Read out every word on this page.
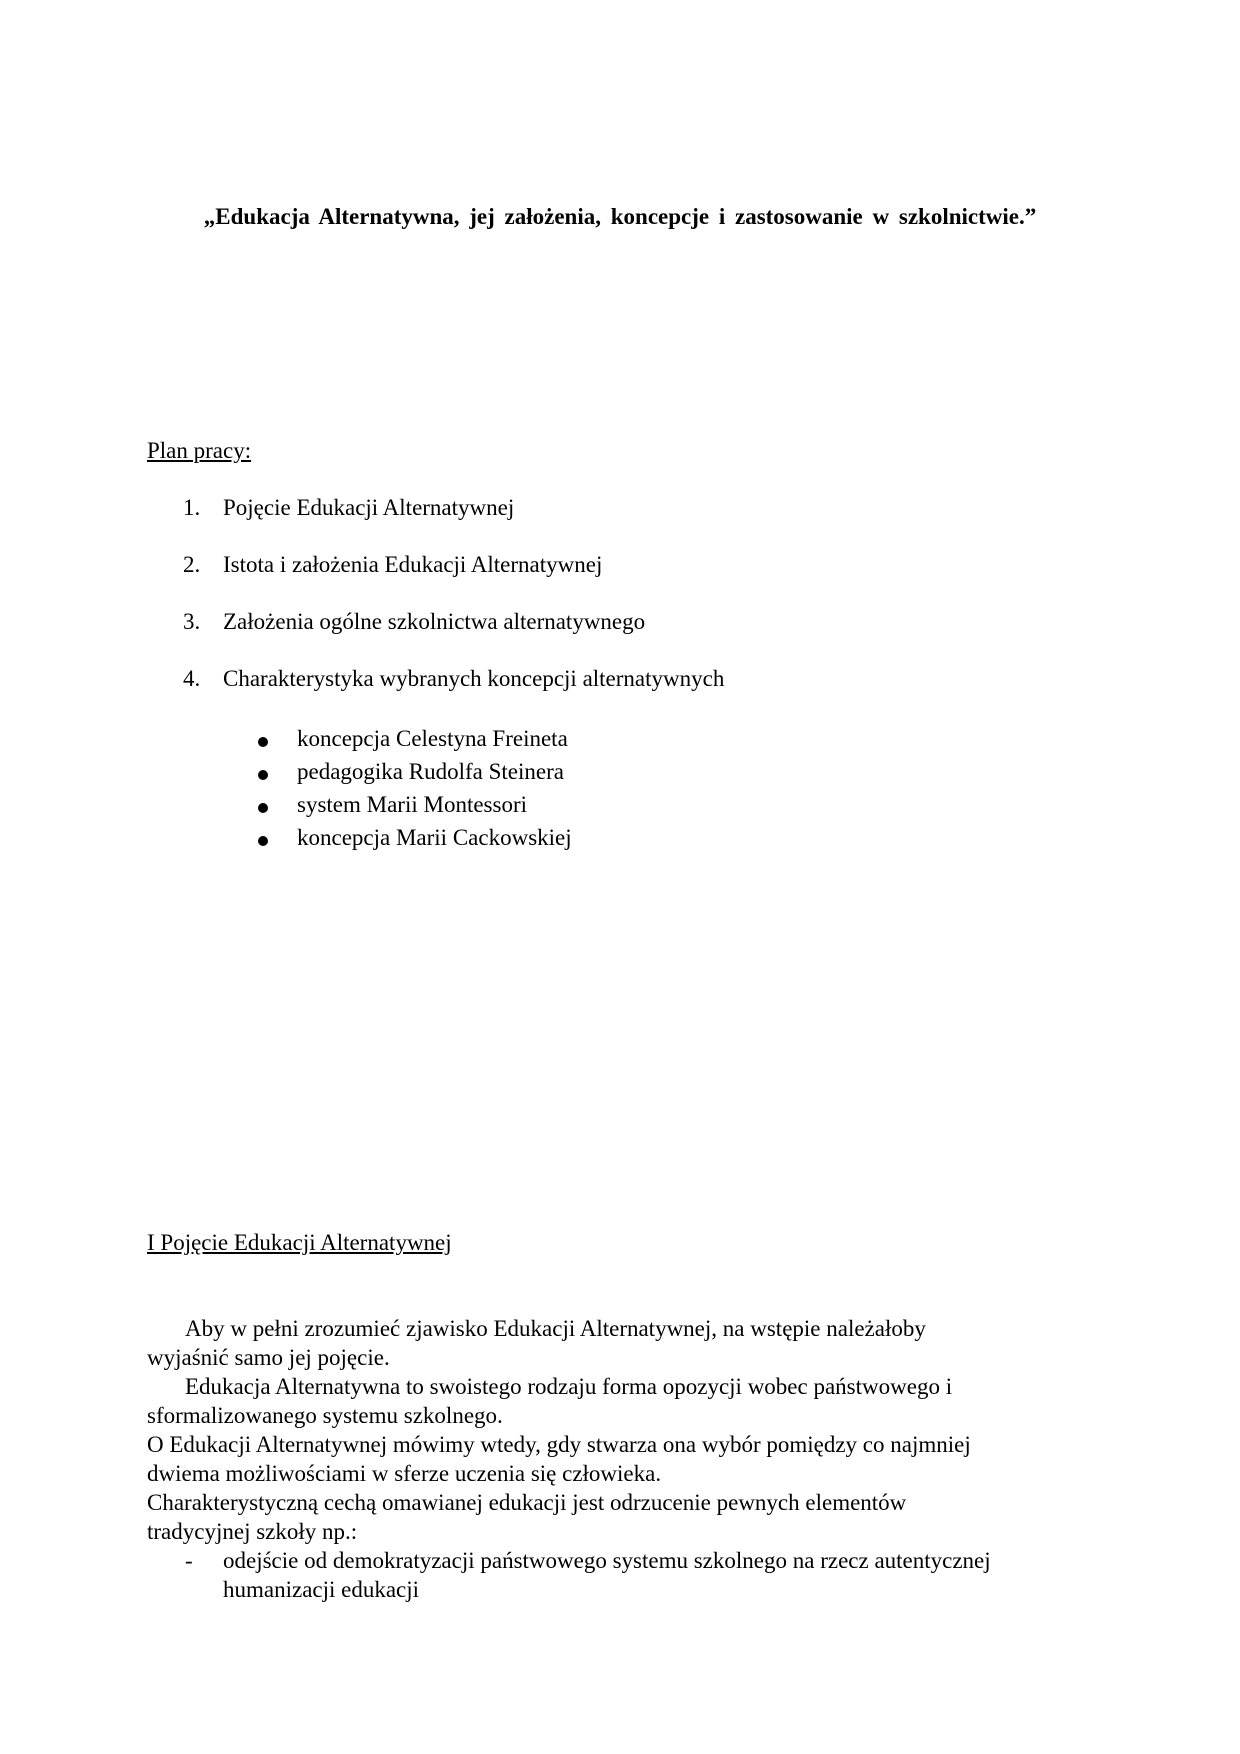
„Edukacja Alternatywna, jej założenia, koncepcje i zastosowanie w szkolnictwie.”
Plan pracy:
1. Pojęcie Edukacji Alternatywnej
2. Istota i założenia Edukacji Alternatywnej
3. Założenia ogólne szkolnictwa alternatywnego
4. Charakterystyka wybranych koncepcji alternatywnych
koncepcja Celestyna Freineta
pedagogika Rudolfa Steinera
system Marii Montessori
koncepcja Marii Cackowskiej
I Pojęcie Edukacji Alternatywnej
Aby w pełni zrozumieć zjawisko Edukacji Alternatywnej, na wstępie należałoby
wyjaśnić samo jej pojęcie.
Edukacja Alternatywna to swoistego rodzaju forma opozycji wobec państwowego i
sformalizowanego systemu szkolnego.
O Edukacji Alternatywnej mówimy wtedy, gdy stwarza ona wybór pomiędzy co najmniej
dwiema możliwościami w sferze uczenia się człowieka.
Charakterystyczną cechą omawianej edukacji jest odrzucenie pewnych elementów
tradycyjnej szkoły np.:
- odejście od demokratyzacji państwowego systemu szkolnego na rzecz autentycznej
humanizacji edukacji
